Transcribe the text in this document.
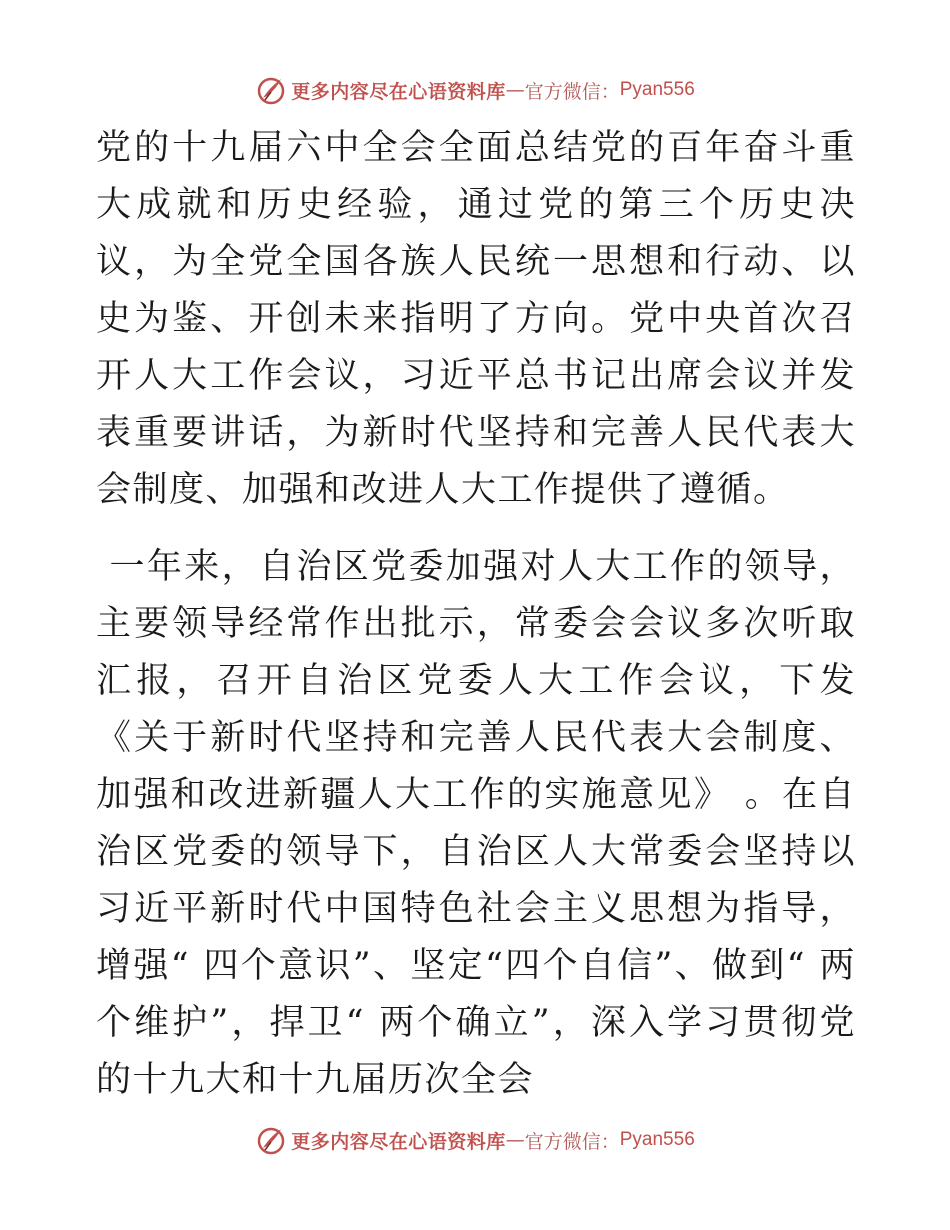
更多内容尽在心语资料库 — 官方微信： Pyan556

党的十九届六中全会全面总结党的百年奋斗重大成就和历史经验，通过党的第三个历史决议，为全党全国各族人民统一思想和行动、以史为鉴、开创未来指明了方向。党中央首次召开人大工作会议，习近平总书记出席会议并发表重要讲话，为新时代坚持和完善人民代表大会制度、加强和改进人大工作提供了遵循。

一年来，自治区党委加强对人大工作的领导，主要领导经常作出批示，常委会会议多次听取汇报，召开自治区党委人大工作会议，下发《关于新时代坚持和完善人民代表大会制度、加强和改进新疆人大工作的实施意见》 。在自治区党委的领导下，自治区人大常委会坚持以习近平新时代中国特色社会主义思想为指导，增强“ 四个意识”、坚定“四个自信”、做到“ 两个维护”，捍卫“ 两个确立”，深入学习贯彻党的十九大和十九届历次全会

更多内容尽在心语资料库 — 官方微信： Pyan556
